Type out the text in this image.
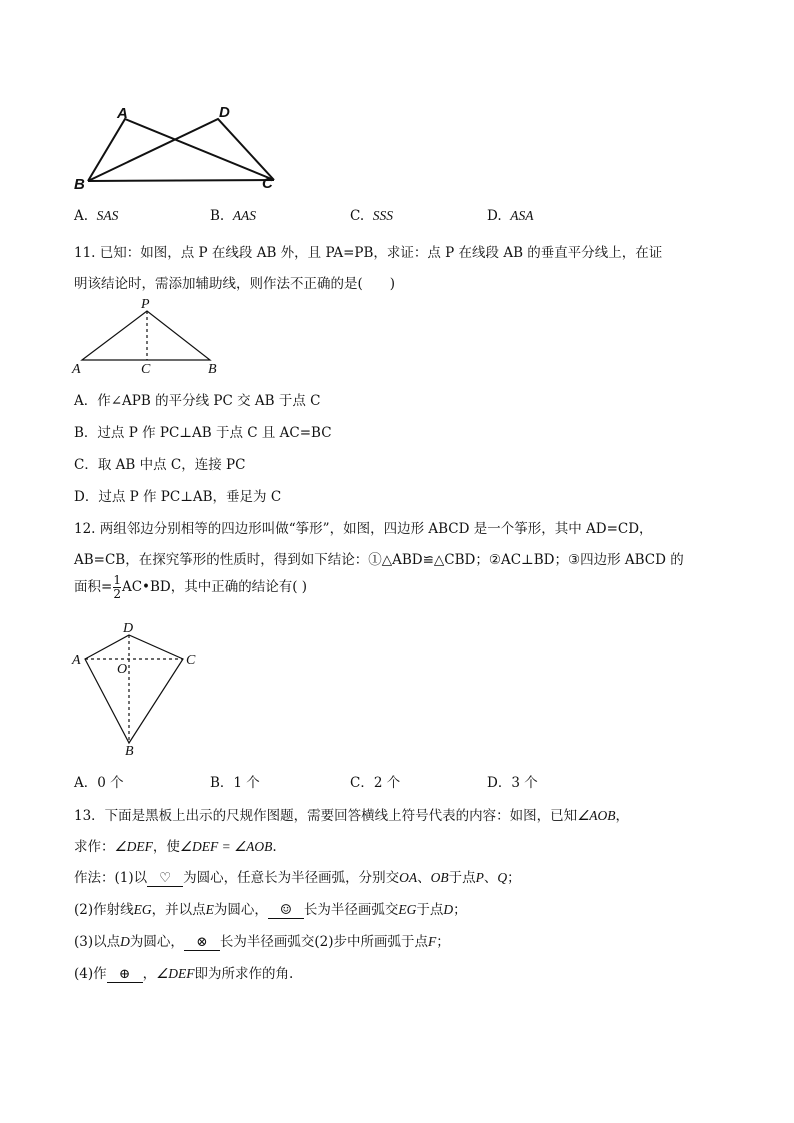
A	D
B	C
A. SAS	B. AAS	C. SSS	D. ASA
11. 已知：如图，点 P 在线段 AB 外，且 PA=PB，求证：点 P 在线段 AB 的垂直平分线上，在证
明该结论时，需添加辅助线，则作法不正确的是(　　)
P
A	C	B
A．作∠APB 的平分线 PC 交 AB 于点 C
B．过点 P 作 PC⊥AB 于点 C 且 AC=BC
C．取 AB 中点 C，连接 PC
D．过点 P 作 PC⊥AB，垂足为 C
12. 两组邻边分别相等的四边形叫做“筝形”，如图，四边形 ABCD 是一个筝形，其中 AD=CD，
AB=CB，在探究筝形的性质时，得到如下结论：①△ABD≌△CBD；②AC⊥BD；③四边形 ABCD 的
面积= $\frac{1}{2}$ AC•BD，其中正确的结论有( )
D
A	C
O
B
A．0 个	B．1 个	C．2 个	D．3 个
13．下面是黑板上出示的尺规作图题，需要回答横线上符号代表的内容：如图，已知∠AOB，
求作：∠DEF，使∠DEF = ∠AOB.
作法：(1)以 ♡ 为圆心，任意长为半径画弧，分别交OA、OB于点P、Q；
(2)作射线EG，并以点E为圆心， ☺ 长为半径画弧交EG于点D；
(3)以点D为圆心， ⊗ 长为半径画弧交(2)步中所画弧于点F；
(4)作 ⊕ ，∠DEF即为所求作的角.
